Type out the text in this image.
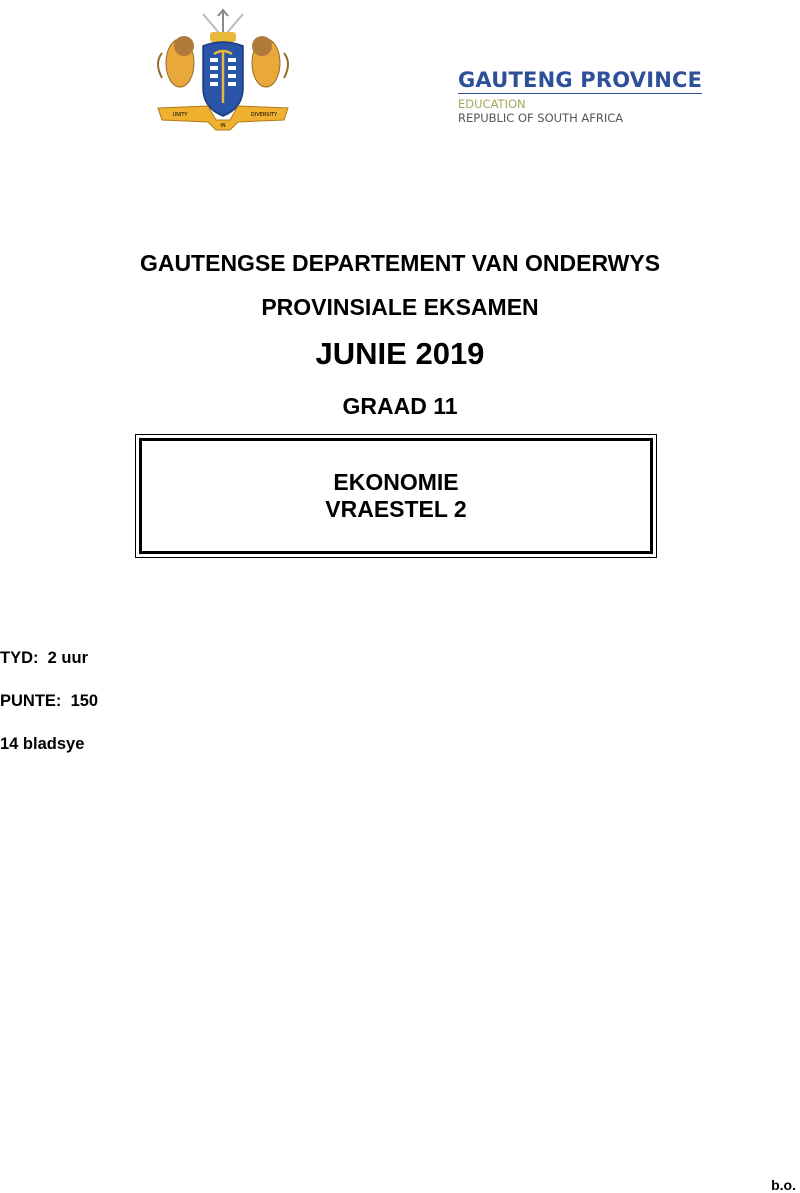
UNITY
IN
DIVERSITY
GAUTENG PROVINCE
EDUCATION
REPUBLIC OF SOUTH AFRICA
GAUTENGSE DEPARTEMENT VAN ONDERWYS
PROVINSIALE EKSAMEN
JUNIE 2019
GRAAD 11
EKONOMIE
VRAESTEL 2
TYD:  2 uur
PUNTE:  150
14 bladsye
b.o.
